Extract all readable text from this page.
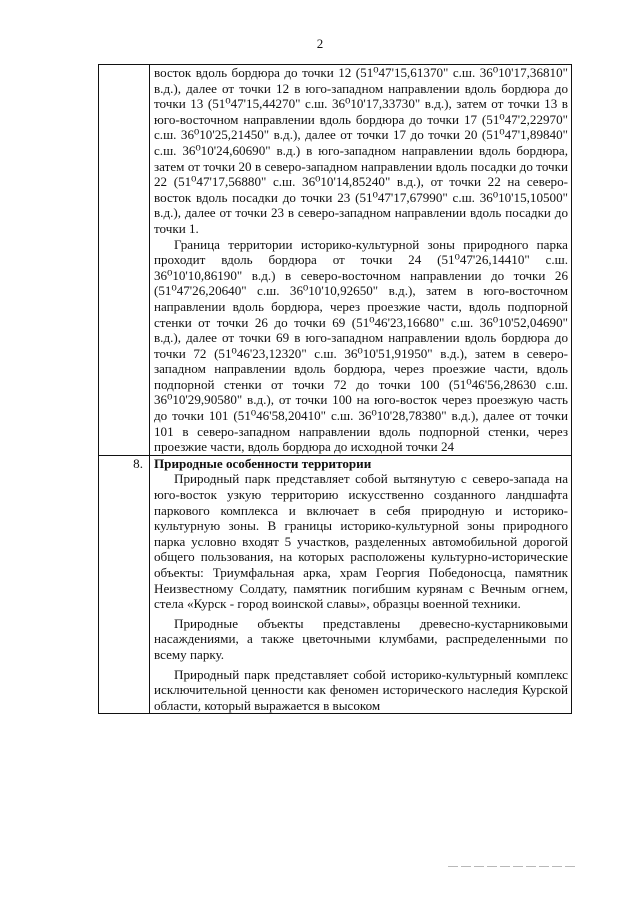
2

	восток вдоль бордюра до точки 12 (51⁰47'15,61370" с.ш. 36⁰10'17,36810" в.д.), далее от точки 12 в юго-западном направлении вдоль бордюра до точки 13 (51⁰47'15,44270" с.ш. 36⁰10'17,33730" в.д.), затем от точки 13 в юго-восточном направлении вдоль бордюра до точки 17 (51⁰47'2,22970" с.ш. 36⁰10'25,21450" в.д.), далее от точки 17 до точки 20 (51⁰47'1,89840" с.ш. 36⁰10'24,60690" в.д.) в юго-западном направлении вдоль бордюра, затем от точки 20 в северо-западном направлении вдоль посадки до точки 22 (51⁰47'17,56880" с.ш. 36⁰10'14,85240" в.д.), от точки 22 на северо-восток вдоль посадки до точки 23 (51⁰47'17,67990" с.ш. 36⁰10'15,10500" в.д.), далее от точки 23 в северо-западном направлении вдоль посадки до точки 1.

Граница территории историко-культурной зоны природного парка проходит вдоль бордюра от точки 24 (51⁰47'26,14410" с.ш. 36⁰10'10,86190" в.д.) в северо-восточном направлении до точки 26 (51⁰47'26,20640" с.ш. 36⁰10'10,92650" в.д.), затем в юго-восточном направлении вдоль бордюра, через проезжие части, вдоль подпорной стенки от точки 26 до точки 69 (51⁰46'23,16680" с.ш. 36⁰10'52,04690" в.д.), далее от точки 69 в юго-западном направлении вдоль бордюра до точки 72 (51⁰46'23,12320" с.ш. 36⁰10'51,91950" в.д.), затем в северо-западном направлении вдоль бордюра, через проезжие части, вдоль подпорной стенки от точки 72 до точки 100 (51⁰46'56,28630 с.ш. 36⁰10'29,90580" в.д.), от точки 100 на юго-восток через проезжую часть до точки 101 (51⁰46'58,20410" с.ш. 36⁰10'28,78380" в.д.), далее от точки 101 в северо-западном направлении вдоль подпорной стенки, через проезжие части, вдоль бордюра до исходной точки 24

8.	Природные особенности территории

Природный парк представляет собой вытянутую с северо-запада на юго-восток узкую территорию искусственно созданного ландшафта паркового комплекса и включает в себя природную и историко-культурную зоны. В границы историко-культурной зоны природного парка условно входят 5 участков, разделенных автомобильной дорогой общего пользования, на которых расположены культурно-исторические объекты: Триумфальная арка, храм Георгия Победоносца, памятник Неизвестному Солдату, памятник погибшим курянам с Вечным огнем, стела «Курск - город воинской славы», образцы военной техники.

Природные объекты представлены древесно-кустарниковыми насаждениями, а также цветочными клумбами, распределенными по всему парку.

Природный парк представляет собой историко-культурный комплекс исключительной ценности как феномен исторического наследия Курской области, который выражается в высоком
